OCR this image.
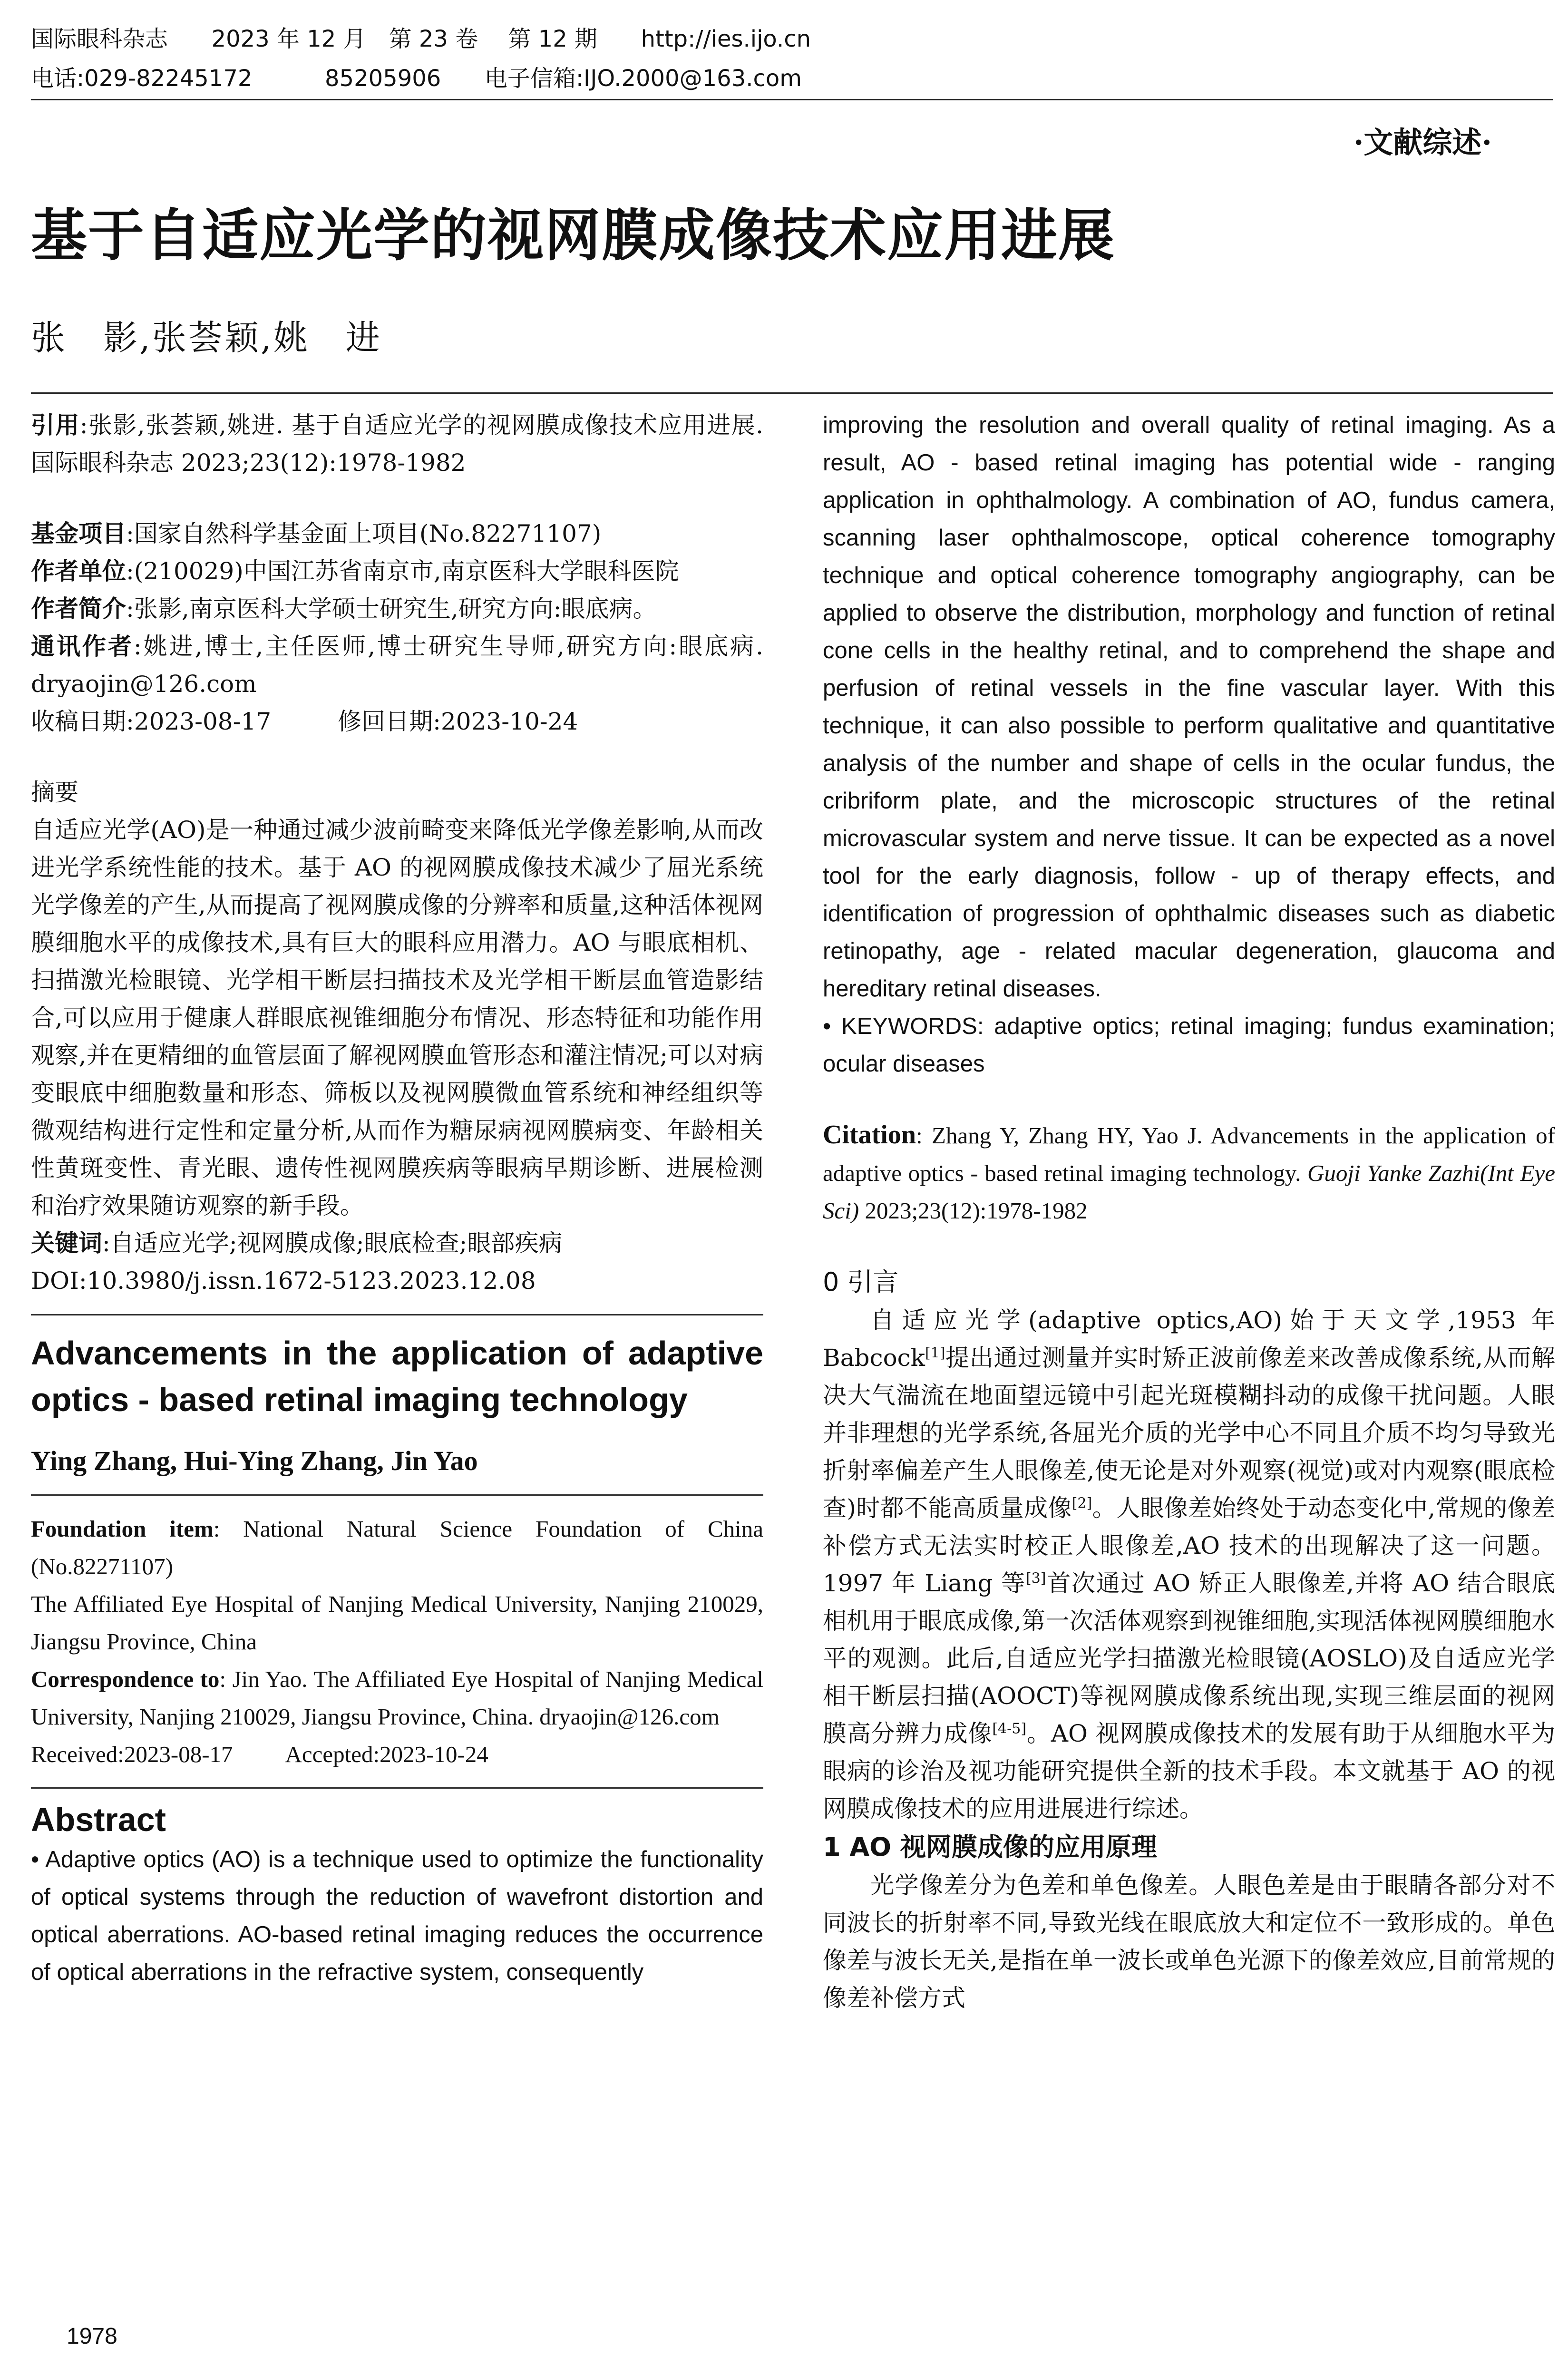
国际眼科杂志 2023 年 12 月　第 23 卷　 第 12 期 http://ies.ijo.cn
电话:029-82245172	85205906 电子信箱:IJO.2000@163.com
·文献综述·
基于自适应光学的视网膜成像技术应用进展
张　影,张荟颖,姚　进

引用:张影,张荟颖,姚进. 基于自适应光学的视网膜成像技术应用进展. 国际眼科杂志 2023;23(12):1978-1982

基金项目:国家自然科学基金面上项目(No.82271107)

作者单位:(210029)中国江苏省南京市,南京医科大学眼科医院

作者简介:张影,南京医科大学硕士研究生,研究方向:眼底病。

通讯作者:姚进,博士,主任医师,博士研究生导师,研究方向:眼底病. dryaojin@126.com

收稿日期:2023-08-17	修回日期:2023-10-24

摘要

自适应光学(AO)是一种通过减少波前畸变来降低光学像差影响,从而改进光学系统性能的技术。基于 AO 的视网膜成像技术减少了屈光系统光学像差的产生,从而提高了视网膜成像的分辨率和质量,这种活体视网膜细胞水平的成像技术,具有巨大的眼科应用潜力。AO 与眼底相机、扫描激光检眼镜、光学相干断层扫描技术及光学相干断层血管造影结合,可以应用于健康人群眼底视锥细胞分布情况、形态特征和功能作用观察,并在更精细的血管层面了解视网膜血管形态和灌注情况;可以对病变眼底中细胞数量和形态、筛板以及视网膜微血管系统和神经组织等微观结构进行定性和定量分析,从而作为糖尿病视网膜病变、年龄相关性黄斑变性、青光眼、遗传性视网膜疾病等眼病早期诊断、进展检测和治疗效果随访观察的新手段。

关键词:自适应光学;视网膜成像;眼底检查;眼部疾病

DOI:10.3980/j.issn.1672-5123.2023.12.08

Advancements in the application of adaptive optics - based retinal imaging technology

Ying Zhang, Hui-Ying Zhang, Jin Yao

Foundation item: National Natural Science Foundation of China (No.82271107)

The Affiliated Eye Hospital of Nanjing Medical University, Nanjing 210029, Jiangsu Province, China

Correspondence to: Jin Yao. The Affiliated Eye Hospital of Nanjing Medical University, Nanjing 210029, Jiangsu Province, China. dryaojin@126.com

Received:2023-08-17 Accepted:2023-10-24

Abstract

• Adaptive optics (AO) is a technique used to optimize the functionality of optical systems through the reduction of wavefront distortion and optical aberrations. AO-based retinal imaging reduces the occurrence of optical aberrations in the refractive system, consequently

improving the resolution and overall quality of retinal imaging. As a result, AO - based retinal imaging has potential wide - ranging application in ophthalmology. A combination of AO, fundus camera, scanning laser ophthalmoscope, optical coherence tomography technique and optical coherence tomography angiography, can be applied to observe the distribution, morphology and function of retinal cone cells in the healthy retinal, and to comprehend the shape and perfusion of retinal vessels in the fine vascular layer. With this technique, it can also possible to perform qualitative and quantitative analysis of the number and shape of cells in the ocular fundus, the cribriform plate, and the microscopic structures of the retinal microvascular system and nerve tissue. It can be expected as a novel tool for the early diagnosis, follow - up of therapy effects, and identification of progression of ophthalmic diseases such as diabetic retinopathy, age - related macular degeneration, glaucoma and hereditary retinal diseases.

• KEYWORDS: adaptive optics; retinal imaging; fundus examination; ocular diseases

Citation: Zhang Y, Zhang HY, Yao J. Advancements in the application of adaptive optics - based retinal imaging technology. Guoji Yanke Zazhi(Int Eye Sci) 2023;23(12):1978-1982

0 引言

自适应光学(adaptive optics,AO)始于天文学,1953 年 Babcock[1]提出通过测量并实时矫正波前像差来改善成像系统,从而解决大气湍流在地面望远镜中引起光斑模糊抖动的成像干扰问题。人眼并非理想的光学系统,各屈光介质的光学中心不同且介质不均匀导致光折射率偏差产生人眼像差,使无论是对外观察(视觉)或对内观察(眼底检查)时都不能高质量成像[2]。人眼像差始终处于动态变化中,常规的像差补偿方式无法实时校正人眼像差,AO 技术的出现解决了这一问题。1997 年 Liang 等[3]首次通过 AO 矫正人眼像差,并将 AO 结合眼底相机用于眼底成像,第一次活体观察到视锥细胞,实现活体视网膜细胞水平的观测。此后,自适应光学扫描激光检眼镜(AOSLO)及自适应光学相干断层扫描(AOOCT)等视网膜成像系统出现,实现三维层面的视网膜高分辨力成像[4-5]。AO 视网膜成像技术的发展有助于从细胞水平为眼病的诊治及视功能研究提供全新的技术手段。本文就基于 AO 的视网膜成像技术的应用进展进行综述。

1 AO 视网膜成像的应用原理

光学像差分为色差和单色像差。人眼色差是由于眼睛各部分对不同波长的折射率不同,导致光线在眼底放大和定位不一致形成的。单色像差与波长无关,是指在单一波长或单色光源下的像差效应,目前常规的像差补偿方式

1978
